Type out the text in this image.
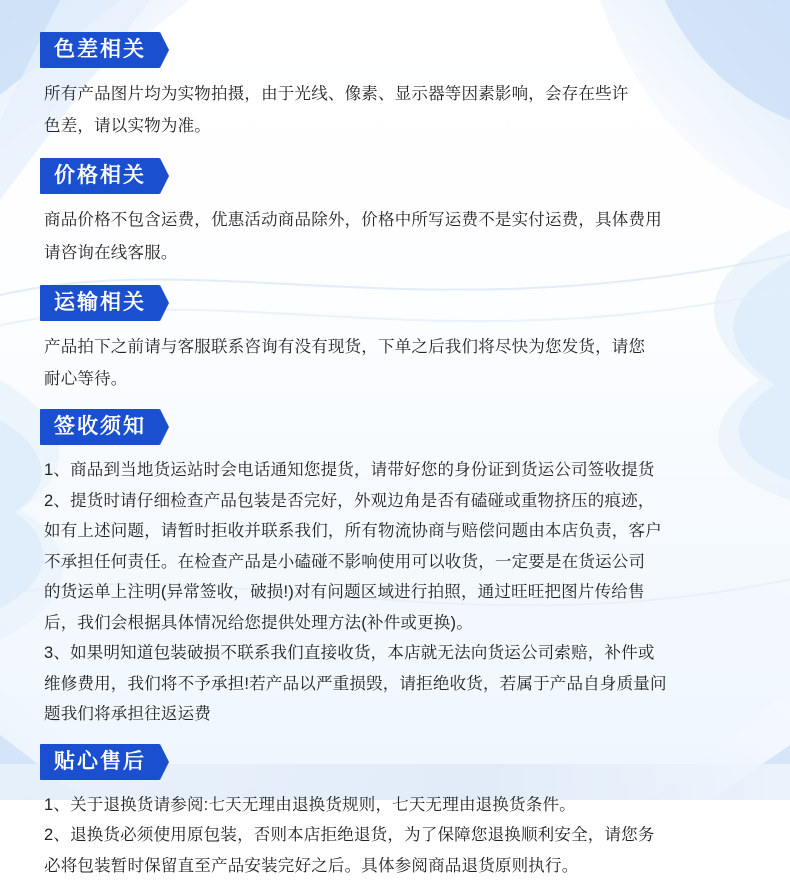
色差相关

所有产品图片均为实物拍摄，由于光线、像素、显示器等因素影响，会存在些许

色差，请以实物为准。

价格相关

商品价格不包含运费，优惠活动商品除外，价格中所写运费不是实付运费，具体费用

请咨询在线客服。

运输相关

产品拍下之前请与客服联系咨询有没有现货，下单之后我们将尽快为您发货，请您

耐心等待。

签收须知

1、商品到当地货运站时会电话通知您提货，请带好您的身份证到货运公司签收提货

2、提货时请仔细检查产品包装是否完好，外观边角是否有磕碰或重物挤压的痕迹，

如有上述问题，请暂时拒收并联系我们，所有物流协商与赔偿问题由本店负责，客户

不承担任何责任。在检查产品是小磕碰不影响使用可以收货，一定要是在货运公司

的货运单上注明(异常签收，破损!)对有问题区域进行拍照，通过旺旺把图片传给售

后，我们会根据具体情况给您提供处理方法(补件或更换)。

3、如果明知道包装破损不联系我们直接收货，本店就无法向货运公司索赔，补件或

维修费用，我们将不予承担!若产品以严重损毁，请拒绝收货，若属于产品自身质量问

题我们将承担往返运费

贴心售后

1、关于退换货请参阅:七天无理由退换货规则，七天无理由退换货条件。

2、退换货必须使用原包装，否则本店拒绝退货，为了保障您退换顺利安全，请您务

必将包装暂时保留直至产品安装完好之后。具体参阅商品退货原则执行。
